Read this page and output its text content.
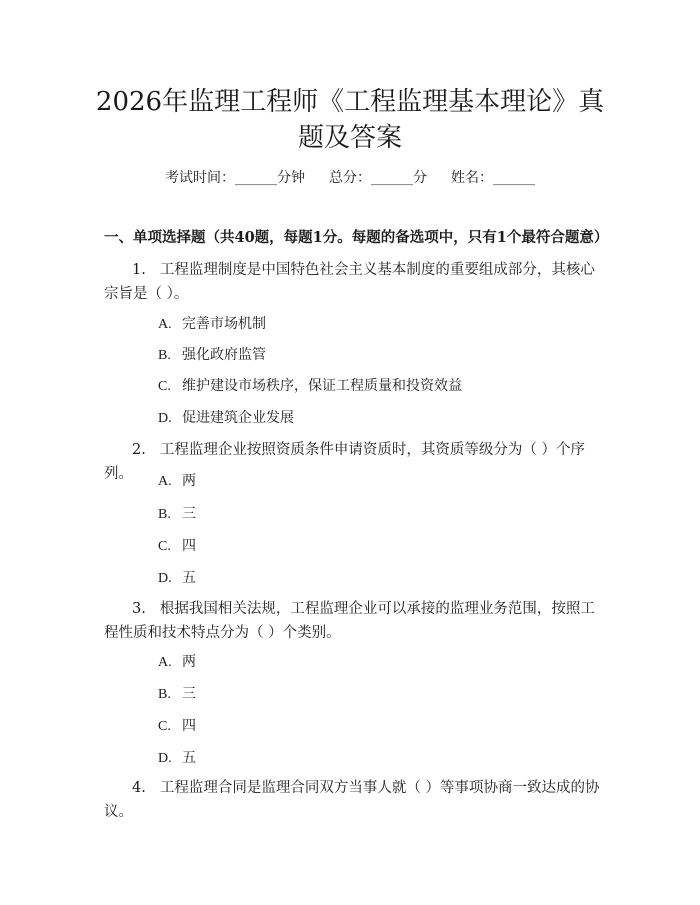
2026年监理工程师《工程监理基本理论》真
题及答案
考试时间：______分钟 总分：______分 姓名：______
一、单项选择题（共40题，每题1分。每题的备选项中，只有1个最符合题意）
1. 工程监理制度是中国特色社会主义基本制度的重要组成部分，其核心宗旨是（ ）。
A. 完善市场机制
B. 强化政府监管
C. 维护建设市场秩序，保证工程质量和投资效益
D. 促进建筑企业发展
2. 工程监理企业按照资质条件申请资质时，其资质等级分为（ ）个序列。	A. 两
B. 三
C. 四
D. 五
3. 根据我国相关法规，工程监理企业可以承接的监理业务范围，按照工程性质和技术特点分为（ ）个类别。
A. 两
B. 三
C. 四
D. 五
4. 工程监理合同是监理合同双方当事人就（ ）等事项协商一致达成的协议。
